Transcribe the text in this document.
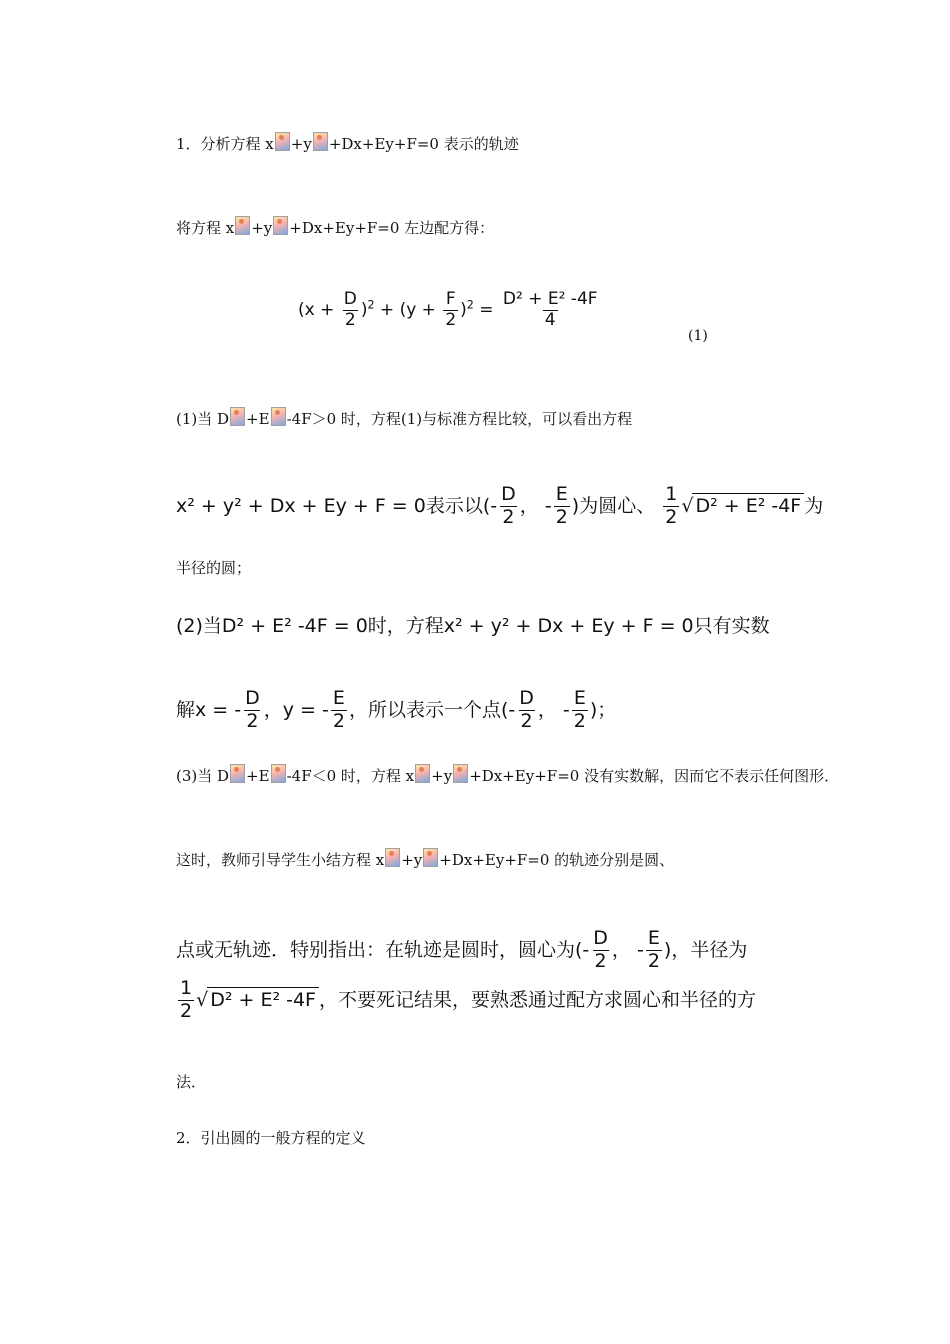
1．分析方程 x +y +Dx+Ey+F=0 表示的轨迹
将方程 x +y +Dx+Ey+F=0 左边配方得：
$(x + \frac{D}{2} )^2 + (y + \frac{F}{2} )^2 = \frac{\text{D² + E² -4F}}{4}$
(1)
(1)当 D +E -4F＞0 时，方程(1)与标准方程比较，可以看出方程
x² + y² + Dx + Ey + F = 0表示以(- $\frac{D}{2}$ ， - $\frac{E}{2}$ )为圆心、 $\frac{1}{2}$ √ D² + E² -4F 为
半径的圆；
(2)当D² + E² -4F = 0时，方程x² + y² + Dx + Ey + F = 0只有实数
解x = - $\frac{D}{2}$ ，y = - $\frac{E}{2}$ ，所以表示一个点(- $\frac{D}{2}$ ， - $\frac{E}{2}$ )；
(3)当 D +E -4F＜0 时，方程 x +y +Dx+Ey+F=0 没有实数解，因而它不表示任何图形．
这时，教师引导学生小结方程 x +y +Dx+Ey+F=0 的轨迹分别是圆、
点或无轨迹．特别指出：在轨迹是圆时，圆心为(- $\frac{D}{2}$ ， - $\frac{E}{2}$ )，半径为
$\frac{1}{2}$ √ D² + E² -4F ，不要死记结果，要熟悉通过配方求圆心和半径的方
法．
2．引出圆的一般方程的定义
